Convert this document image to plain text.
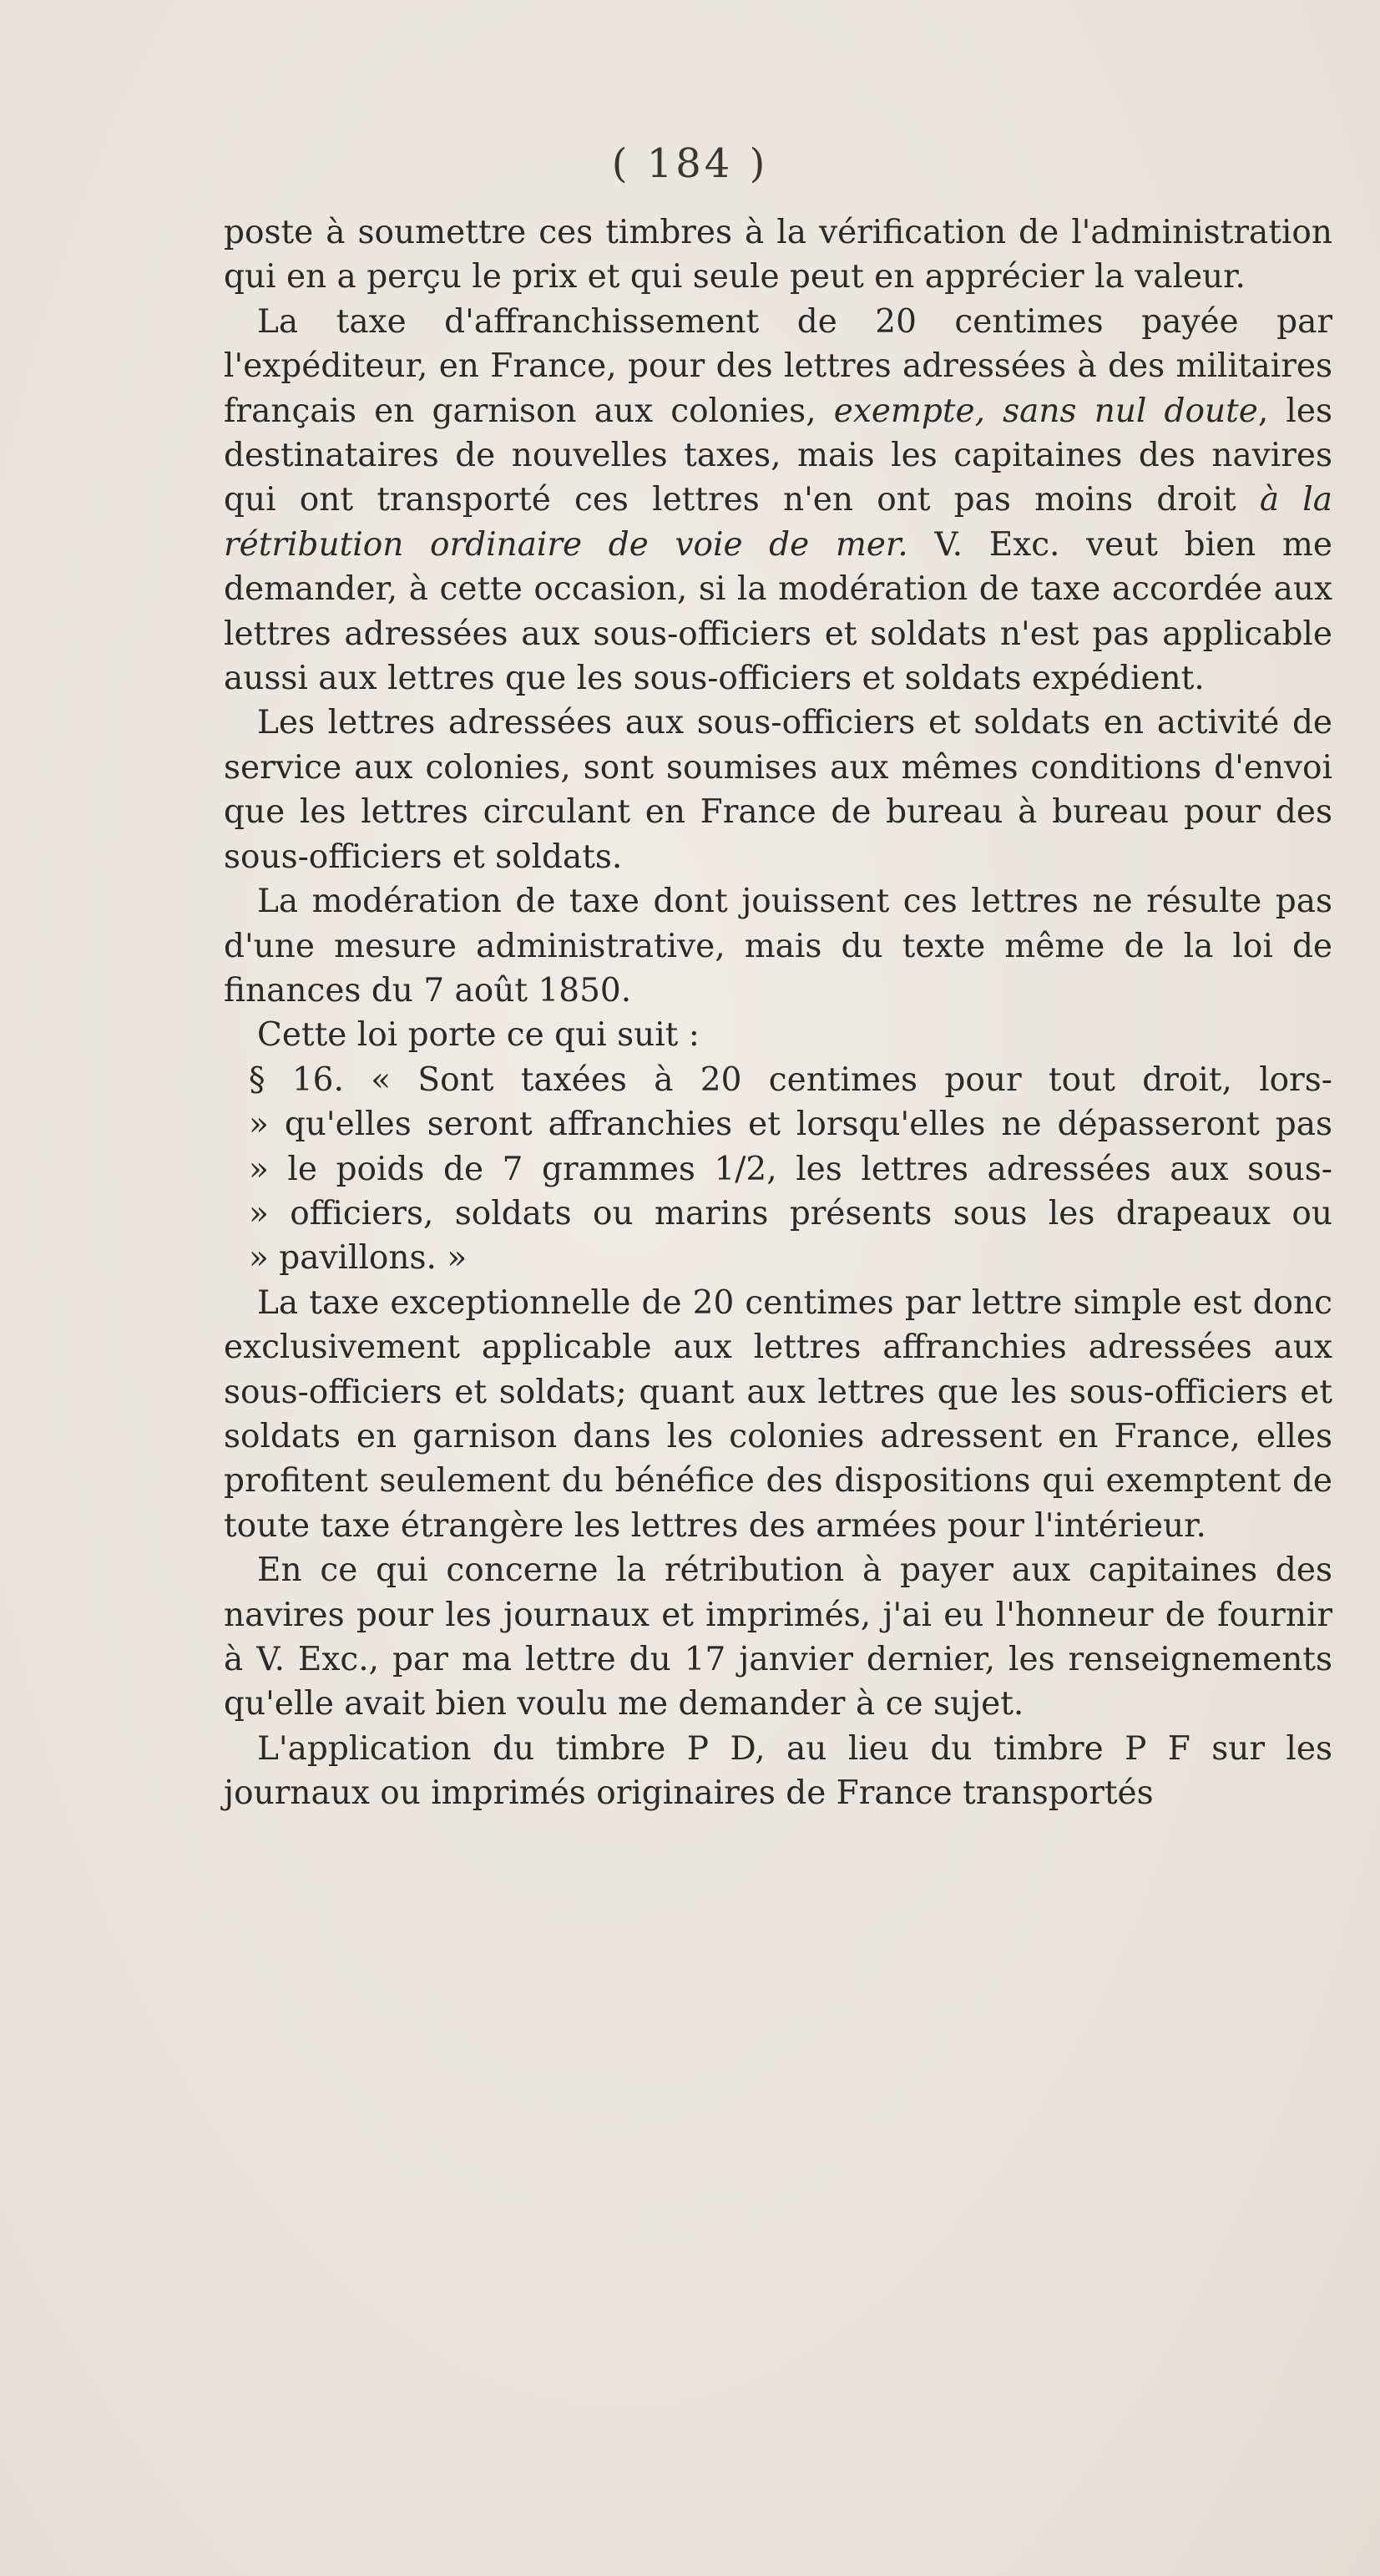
( 184 )

poste à soumettre ces timbres à la vérification de l'administration qui en a perçu le prix et qui seule peut en apprécier la valeur.

La taxe d'affranchissement de 20 centimes payée par l'expéditeur, en France, pour des lettres adressées à des militaires français en garnison aux colonies, exempte, sans nul doute, les destinataires de nouvelles taxes, mais les capitaines des navires qui ont transporté ces lettres n'en ont pas moins droit à la rétribution ordinaire de voie de mer. V. Exc. veut bien me demander, à cette occasion, si la modération de taxe accordée aux lettres adressées aux sous-officiers et soldats n'est pas applicable aussi aux lettres que les sous-officiers et soldats expédient.

Les lettres adressées aux sous-officiers et soldats en activité de service aux colonies, sont soumises aux mêmes conditions d'envoi que les lettres circulant en France de bureau à bureau pour des sous-officiers et soldats.

La modération de taxe dont jouissent ces lettres ne résulte pas d'une mesure administrative, mais du texte même de la loi de finances du 7 août 1850.

Cette loi porte ce qui suit :

§ 16. « Sont taxées à 20 centimes pour tout droit, lors-
» qu'elles seront affranchies et lorsqu'elles ne dépasseront pas
» le poids de 7 grammes 1/2, les lettres adressées aux sous-
» officiers, soldats ou marins présents sous les drapeaux ou
» pavillons. »

La taxe exceptionnelle de 20 centimes par lettre simple est donc exclusivement applicable aux lettres affranchies adressées aux sous-officiers et soldats; quant aux lettres que les sous-officiers et soldats en garnison dans les colonies adressent en France, elles profitent seulement du bénéfice des dispositions qui exemptent de toute taxe étrangère les lettres des armées pour l'intérieur.

En ce qui concerne la rétribution à payer aux capitaines des navires pour les journaux et imprimés, j'ai eu l'honneur de fournir à V. Exc., par ma lettre du 17 janvier dernier, les renseignements qu'elle avait bien voulu me demander à ce sujet.

L'application du timbre P D, au lieu du timbre P F sur les journaux ou imprimés originaires de France transportés
